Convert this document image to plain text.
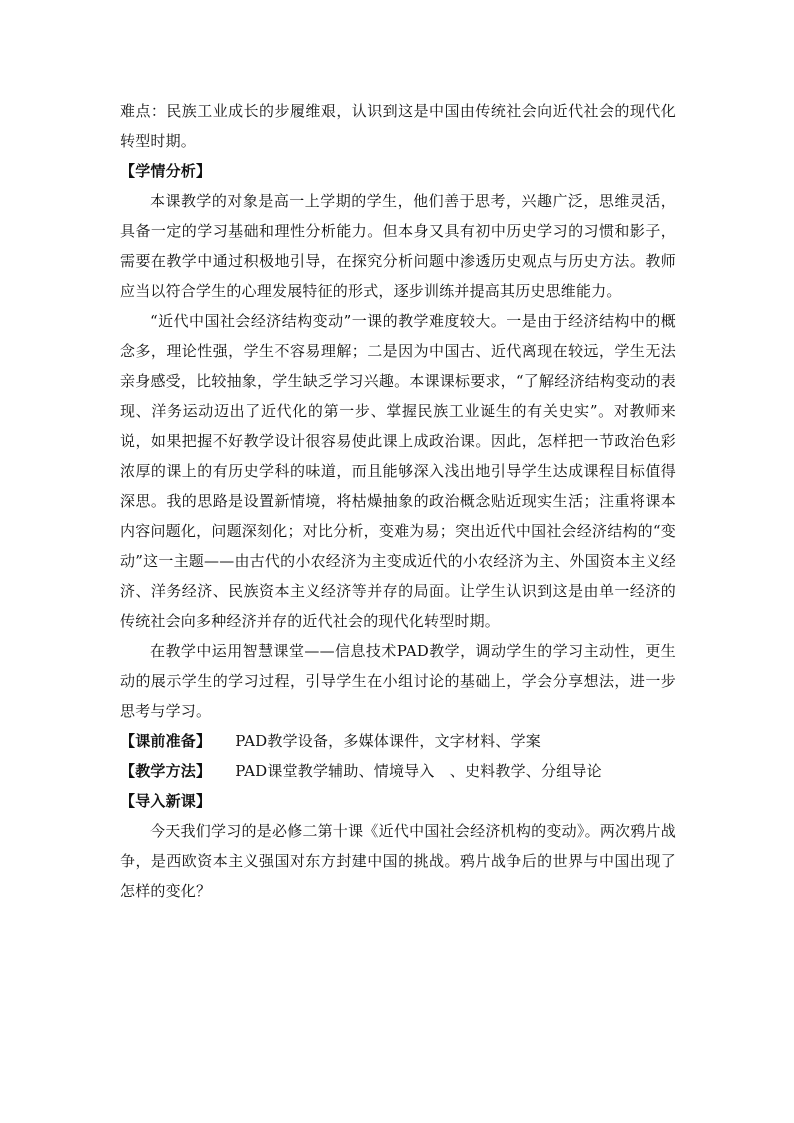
难点：民族工业成长的步履维艰，认识到这是中国由传统社会向近代社会的现代化转型时期。

【学情分析】

本课教学的对象是高一上学期的学生，他们善于思考，兴趣广泛，思维灵活，具备一定的学习基础和理性分析能力。但本身又具有初中历史学习的习惯和影子，需要在教学中通过积极地引导，在探究分析问题中渗透历史观点与历史方法。教师应当以符合学生的心理发展特征的形式，逐步训练并提高其历史思维能力。

“近代中国社会经济结构变动”一课的教学难度较大。一是由于经济结构中的概念多，理论性强，学生不容易理解；二是因为中国古、近代离现在较远，学生无法亲身感受，比较抽象，学生缺乏学习兴趣。本课课标要求，“了解经济结构变动的表现、洋务运动迈出了近代化的第一步、掌握民族工业诞生的有关史实”。对教师来说，如果把握不好教学设计很容易使此课上成政治课。因此，怎样把一节政治色彩浓厚的课上的有历史学科的味道，而且能够深入浅出地引导学生达成课程目标值得深思。我的思路是设置新情境，将枯燥抽象的政治概念贴近现实生活；注重将课本内容问题化，问题深刻化；对比分析，变难为易；突出近代中国社会经济结构的“变动”这一主题——由古代的小农经济为主变成近代的小农经济为主、外国资本主义经济、洋务经济、民族资本主义经济等并存的局面。让学生认识到这是由单一经济的传统社会向多种经济并存的近代社会的现代化转型时期。

在教学中运用智慧课堂——信息技术PAD教学，调动学生的学习主动性，更生动的展示学生的学习过程，引导学生在小组讨论的基础上，学会分享想法，进一步思考与学习。

【课前准备】 PAD教学设备，多媒体课件，文字材料、学案

【教学方法】 PAD课堂教学辅助、情境导入　、史料教学、分组导论

【导入新课】

今天我们学习的是必修二第十课《近代中国社会经济机构的变动》。两次鸦片战争，是西欧资本主义强国对东方封建中国的挑战。鸦片战争后的世界与中国出现了怎样的变化？
